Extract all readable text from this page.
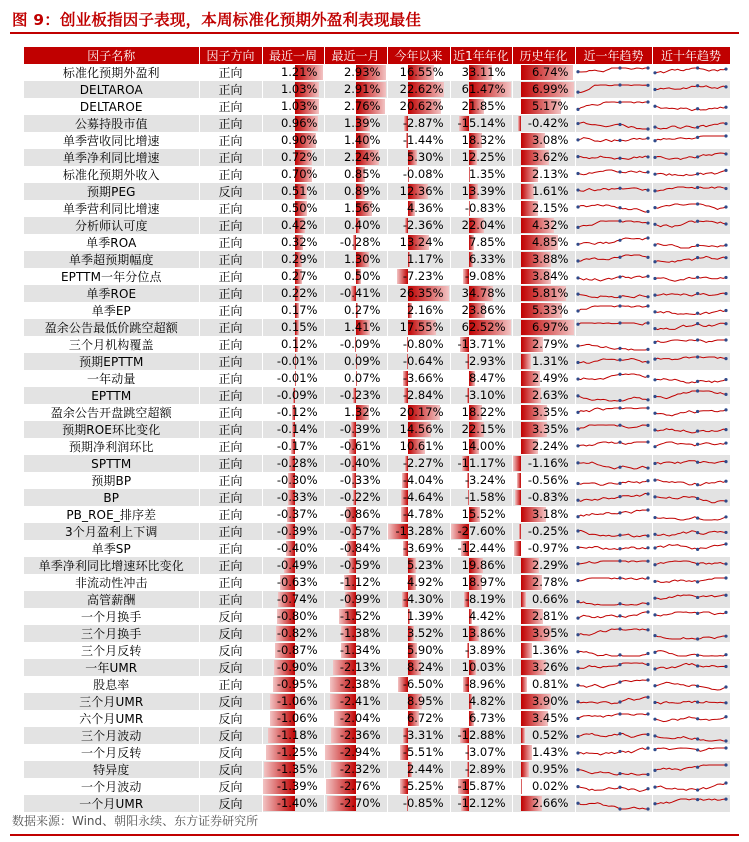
图 9：创业板指因子表现，本周标准化预期外盈利表现最佳
因子名称	因子方向	最近一周	最近一月	今年以来	近1年年化	历史年化	近一年趋势	近十年趋势
标准化预期外盈利	正向	1.21%	2.93%	16.55%	33.11%	6.74%

DELTAROA	正向	1.03%	2.91%	22.62%	61.47%	6.99%

DELTAROE	正向	1.03%	2.76%	20.62%	21.85%	5.17%

公募持股市值	正向	0.96%	1.39%	-2.87%	-15.14%	-0.42%

单季营收同比增速	正向	0.90%	1.40%	-1.44%	18.32%	3.08%

单季净利同比增速	正向	0.72%	2.24%	5.30%	12.25%	3.62%

标准化预期外收入	正向	0.70%	0.85%	-0.08%	1.35%	2.13%

预期PEG	反向	0.51%	0.89%	12.36%	13.39%	1.61%

单季营利同比增速	正向	0.50%	1.56%	4.36%	-0.83%	2.15%

分析师认可度	正向	0.42%	0.40%	-2.36%	22.04%	4.32%

单季ROA	正向	0.32%	-0.28%	13.24%	7.85%	4.85%

单季超预期幅度	正向	0.29%	1.30%	1.17%	6.33%	3.88%

EPTTM一年分位点	正向	0.27%	0.50%	-7.23%	-9.08%	3.84%

单季ROE	正向	0.22%	-0.41%	26.35%	34.78%	5.81%

单季EP	正向	0.17%	0.27%	2.16%	23.86%	5.33%

盈余公告最低价跳空超额	正向	0.15%	1.41%	17.55%	62.52%	6.97%

三个月机构覆盖	正向	0.12%	-0.09%	-0.80%	-13.71%	2.79%

预期EPTTM	正向	-0.01%	0.09%	-0.64%	-2.93%	1.31%

一年动量	正向	-0.01%	0.07%	-3.66%	8.47%	2.49%

EPTTM	正向	-0.09%	-0.23%	-2.84%	-3.10%	2.63%

盈余公告开盘跳空超额	正向	-0.12%	1.32%	20.17%	18.22%	3.35%

预期ROE环比变化	正向	-0.14%	-0.39%	14.56%	22.15%	3.35%

预期净利润环比	正向	-0.17%	-0.61%	10.61%	14.00%	2.24%

SPTTM	正向	-0.28%	-0.40%	-2.27%	-11.17%	-1.16%

预期BP	正向	-0.30%	-0.33%	-4.04%	-3.24%	-0.56%

BP	正向	-0.33%	-0.22%	-4.64%	-1.58%	-0.83%

PB_ROE_排序差	正向	-0.37%	-0.86%	-4.78%	15.52%	3.18%

3个月盈利上下调	正向	-0.39%	-0.57%	-13.28%	-27.60%	-0.25%

单季SP	正向	-0.40%	-0.84%	-3.69%	-12.44%	-0.97%

单季净利同比增速环比变化	正向	-0.49%	-0.59%	5.23%	19.86%	2.29%

非流动性冲击	正向	-0.63%	-1.12%	4.92%	18.97%	2.78%

高管薪酬	正向	-0.74%	-0.99%	-4.30%	-8.19%	0.66%

一个月换手	反向	-0.80%	-1.52%	1.39%	4.42%	2.81%

三个月换手	反向	-0.82%	-1.38%	3.52%	13.86%	3.95%

三个月反转	反向	-0.87%	-1.34%	5.90%	-3.89%	1.36%

一年UMR	反向	-0.90%	-2.13%	8.24%	10.03%	3.26%

股息率	正向	-0.95%	-2.38%	-6.50%	-8.96%	0.81%

三个月UMR	反向	-1.06%	-2.41%	8.95%	4.82%	3.90%

六个月UMR	反向	-1.06%	-2.04%	6.72%	6.73%	3.45%

三个月波动	反向	-1.18%	-2.36%	-3.31%	-12.88%	0.52%

一个月反转	反向	-1.25%	-2.94%	-5.51%	-3.07%	1.43%

特异度	反向	-1.35%	-2.32%	2.44%	-2.89%	0.95%

一个月波动	反向	-1.39%	-2.76%	-5.25%	-15.87%	0.02%

一个月UMR	反向	-1.40%	-2.70%	-0.85%	-12.12%	2.66%

数据来源：Wind、朝阳永续、东方证券研究所
